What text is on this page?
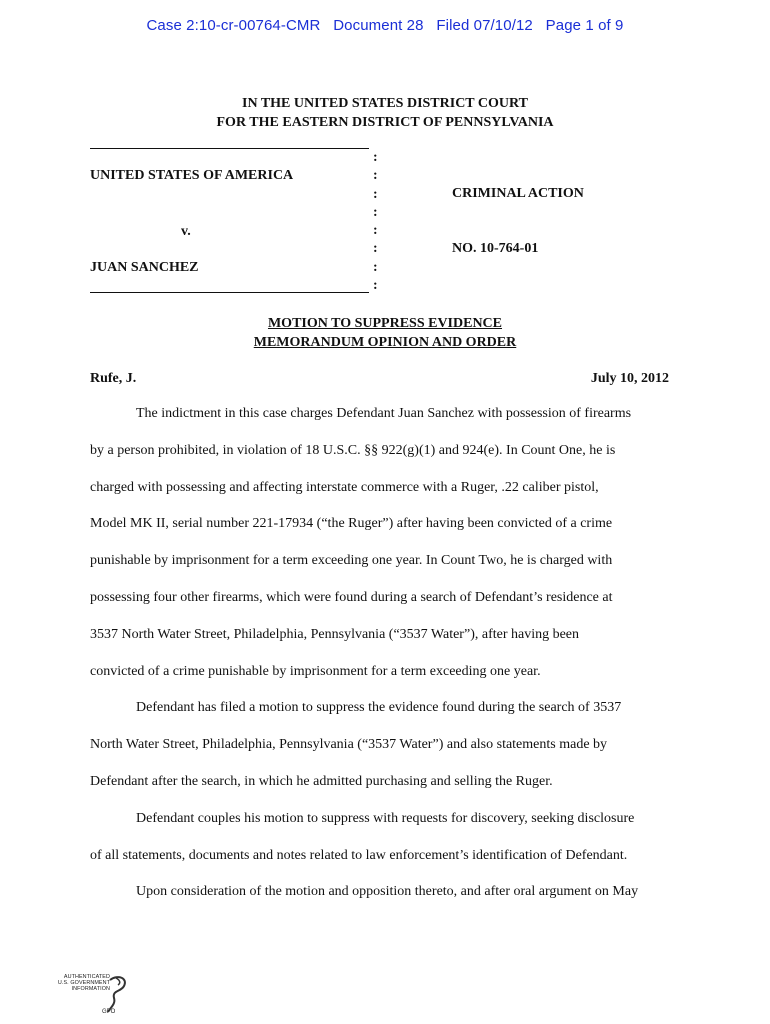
Case 2:10-cr-00764-CMR Document 28 Filed 07/10/12 Page 1 of 9
IN THE UNITED STATES DISTRICT COURT
FOR THE EASTERN DISTRICT OF PENNSYLVANIA
:
:
:
:
:
:
:
:
UNITED STATES OF AMERICA
v.
JUAN SANCHEZ
CRIMINAL ACTION
NO. 10-764-01
MOTION TO SUPPRESS EVIDENCE
MEMORANDUM OPINION AND ORDER
Rufe, J.	July 10, 2012
The indictment in this case charges Defendant Juan Sanchez with possession of firearms
by a person prohibited, in violation of 18 U.S.C. §§ 922(g)(1) and 924(e). In Count One, he is
charged with possessing and affecting interstate commerce with a Ruger, .22 caliber pistol,
Model MK II, serial number 221-17934 (“the Ruger”) after having been convicted of a crime
punishable by imprisonment for a term exceeding one year. In Count Two, he is charged with
possessing four other firearms, which were found during a search of Defendant’s residence at
3537 North Water Street, Philadelphia, Pennsylvania (“3537 Water”), after having been
convicted of a crime punishable by imprisonment for a term exceeding one year.
Defendant has filed a motion to suppress the evidence found during the search of 3537
North Water Street, Philadelphia, Pennsylvania (“3537 Water”) and also statements made by
Defendant after the search, in which he admitted purchasing and selling the Ruger.
Defendant couples his motion to suppress with requests for discovery, seeking disclosure
of all statements, documents and notes related to law enforcement’s identification of Defendant.
Upon consideration of the motion and opposition thereto, and after oral argument on May
AUTHENTICATED
U.S. GOVERNMENT
INFORMATION
GPO
